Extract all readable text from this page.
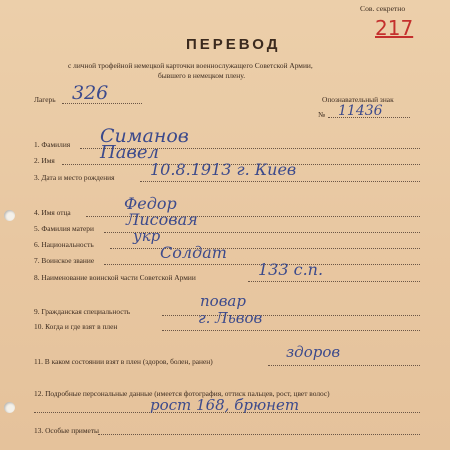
Сов. секретно
217
ПЕРЕВОД
с личной трофейной немецкой карточки военнослужащего Советской Армии,
бывшего в немецком плену.
Лагерь 326	Опознавательный знак
№ 11436
1. Фамилия Симанов
2. Имя	Павел
3. Дата и место рождения 10.8.1913 г. Киев
4. Имя отца	Федор
5. Фамилия матери Лисовая
6. Национальность	укр
7. Воинское звание	Солдат
8. Наименование воинской части Советской Армии	133 с.п.
9. Гражданская специальность
повар
10. Когда и где взят в плен	г. Львов
11. В каком состоянии взят в плен (здоров, болен, ранен)
здоров
12. Подробные персональные данные (имеется фотография, оттиск пальцев, рост, цвет волос)
рост 168, брюнет
13. Особые приметы
